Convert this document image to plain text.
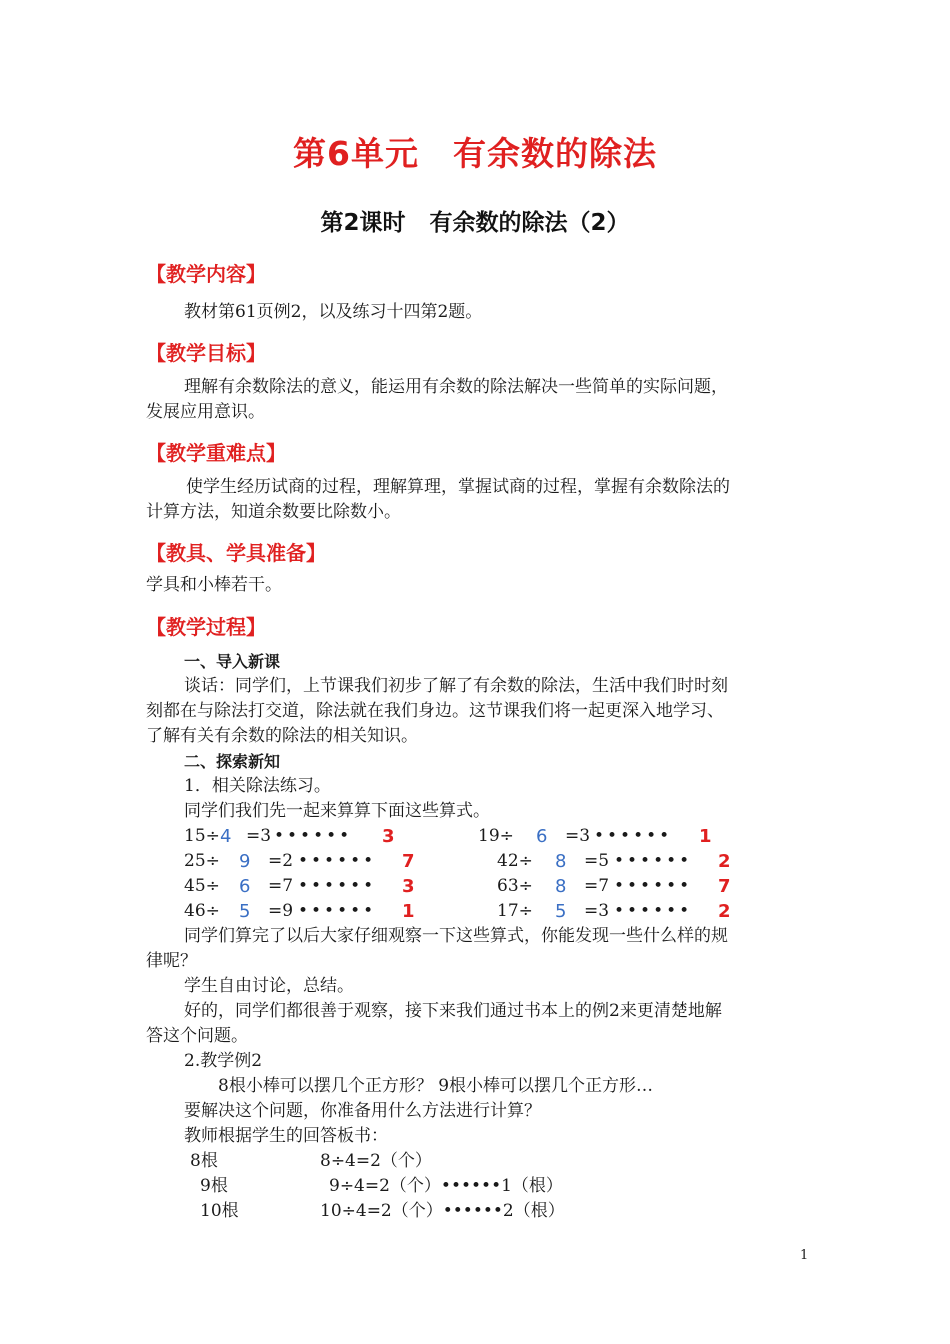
第6单元 有余数的除法
第2课时 有余数的除法（2）
【教学内容】
教材第61页例2，以及练习十四第2题。
【教学目标】
理解有余数除法的意义，能运用有余数的除法解决一些简单的实际问题，
发展应用意识。
【教学重难点】
使学生经历试商的过程，理解算理，掌握试商的过程，掌握有余数除法的
计算方法，知道余数要比除数小。
【教具、学具准备】
学具和小棒若干。
【教学过程】
一、导入新课
谈话：同学们，上节课我们初步了解了有余数的除法，生活中我们时时刻
刻都在与除法打交道，除法就在我们身边。这节课我们将一起更深入地学习、
了解有关有余数的除法的相关知识。
二、探索新知
1．相关除法练习。
同学们我们先一起来算算下面这些算式。
15÷ 4 =3 •••••• 3	19÷ 6 =3 •••••• 1
25÷ 9 =2 •••••• 7	42÷ 8 =5 •••••• 2
45÷ 6 =7 •••••• 3	63÷ 8 =7 •••••• 7
46÷ 5 =9 •••••• 1	17÷ 5 =3 •••••• 2
同学们算完了以后大家仔细观察一下这些算式，你能发现一些什么样的规
律呢？
学生自由讨论，总结。
好的，同学们都很善于观察，接下来我们通过书本上的例2来更清楚地解
答这个问题。
2.教学例2
8根小棒可以摆几个正方形？ 9根小棒可以摆几个正方形…
要解决这个问题，你准备用什么方法进行计算？
教师根据学生的回答板书：
8根	8÷4=2（个）
9根	9÷4=2（个）••••••1（根）
10根	10÷4=2（个）••••••2（根）
1
